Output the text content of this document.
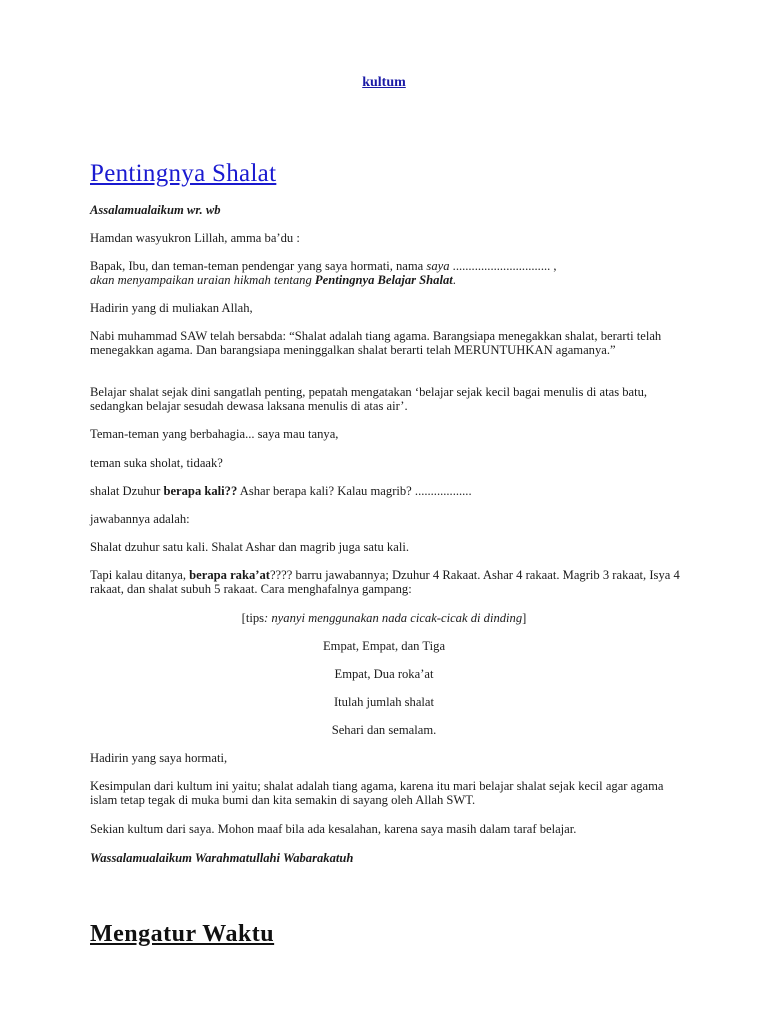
kultum
Pentingnya Shalat
Assalamualaikum wr. wb
Hamdan wasyukron Lillah, amma ba’du :
Bapak, Ibu, dan teman-teman pendengar yang saya hormati, nama saya ............................... ,
akan menyampaikan uraian hikmah tentang Pentingnya Belajar Shalat.
Hadirin yang di muliakan Allah,
Nabi muhammad SAW telah bersabda: “Shalat adalah tiang agama. Barangsiapa menegakkan shalat, berarti telah menegakkan agama. Dan barangsiapa meninggalkan shalat berarti telah MERUNTUHKAN agamanya.”
Belajar shalat sejak dini sangatlah penting, pepatah mengatakan ‘belajar sejak kecil bagai menulis di atas batu, sedangkan belajar sesudah dewasa laksana menulis di atas air’.
Teman-teman yang berbahagia... saya mau tanya,
teman suka sholat, tidaak?
shalat Dzuhur berapa kali?? Ashar berapa kali? Kalau magrib? ..................
jawabannya adalah:
Shalat dzuhur satu kali. Shalat Ashar dan magrib juga satu kali.
Tapi kalau ditanya, berapa raka’at???? barru jawabannya; Dzuhur 4 Rakaat. Ashar 4 rakaat. Magrib 3 rakaat, Isya 4 rakaat, dan shalat subuh 5 rakaat. Cara menghafalnya gampang:
[tips: nyanyi menggunakan nada cicak-cicak di dinding]
Empat, Empat, dan Tiga
Empat, Dua roka’at
Itulah jumlah shalat
Sehari dan semalam.
Hadirin yang saya hormati,
Kesimpulan dari kultum ini yaitu; shalat adalah tiang agama, karena itu mari belajar shalat sejak kecil agar agama islam tetap tegak di muka bumi dan kita semakin di sayang oleh Allah SWT.
Sekian kultum dari saya. Mohon maaf bila ada kesalahan, karena saya masih dalam taraf belajar.
Wassalamualaikum Warahmatullahi Wabarakatuh
Mengatur Waktu
